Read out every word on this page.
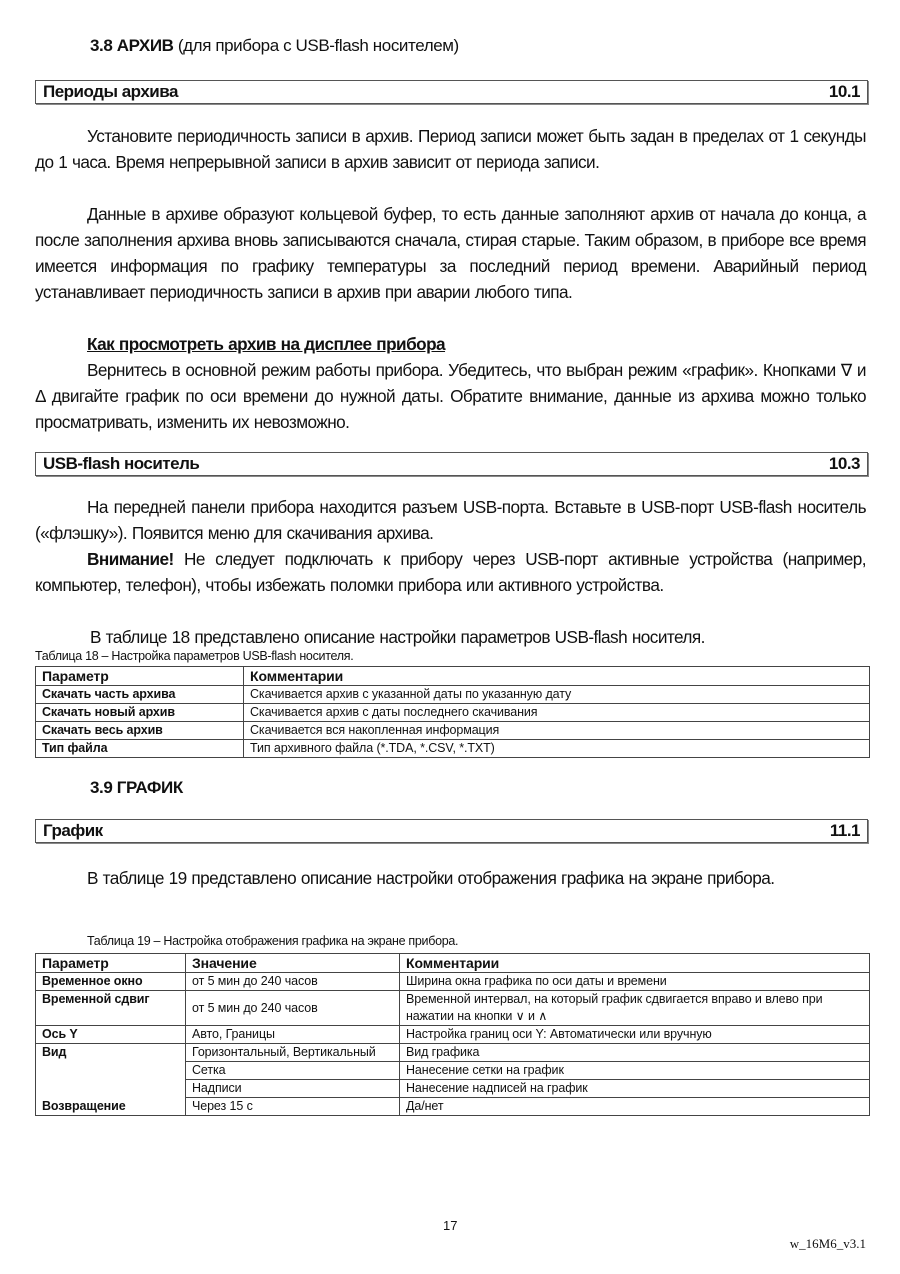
3.8 АРХИВ (для прибора с USB-flash носителем)
Периоды архива	10.1
Установите периодичность записи в архив. Период записи может быть задан в пределах от 1 секунды до 1 часа. Время непрерывной записи в архив зависит от периода записи.
Данные в архиве образуют кольцевой буфер, то есть данные заполняют архив от начала до конца, а после заполнения архива вновь записываются сначала, стирая старые. Таким образом, в приборе все время имеется информация по графику температуры за последний период времени. Аварийный период устанавливает периодичность записи в архив при аварии любого типа.
Как просмотреть архив на дисплее прибора
Вернитесь в основной режим работы прибора. Убедитесь, что выбран режим «график». Кнопками ∇ и Δ двигайте график по оси времени до нужной даты. Обратите внимание, данные из архива можно только просматривать, изменить их невозможно.
USB-flash носитель	10.3
На передней панели прибора находится разъем USB-порта. Вставьте в USB-порт USB-flash носитель («флэшку»). Появится меню для скачивания архива.
Внимание! Не следует подключать к прибору через USB-порт активные устройства (например, компьютер, телефон), чтобы избежать поломки прибора или активного устройства.
В таблице 18 представлено описание настройки параметров USB-flash носителя.
Таблица 18 – Настройка параметров USB-flash носителя.
Параметр	Комментарии
Скачать часть архива	Скачивается архив с указанной даты по указанную дату
Скачать новый архив	Скачивается архив с даты последнего скачивания
Скачать весь архив	Скачивается вся накопленная информация
Тип файла	Тип архивного файла (*.TDA, *.CSV, *.TXT)
3.9 ГРАФИК
График	11.1
В таблице 19 представлено описание настройки отображения графика на экране прибора.
Таблица 19 – Настройка отображения графика на экране прибора.
Параметр	Значение	Комментарии
Временное окно	от 5 мин до 240 часов	Ширина окна графика по оси даты и времени
Временной сдвиг	от 5 мин до 240 часов	Временной интервал, на который график сдвигается вправо и влево при нажатии на кнопки ∨ и ∧
Ось Y	Авто, Границы	Настройка границ оси Y: Автоматически или вручную
Вид	Горизонтальный, Вертикальный	Вид графика
	Сетка	Нанесение сетки на график
	Надписи	Нанесение надписей на график
Возвращение	Через 15 с	Да/нет
17
w_16M6_v3.1
